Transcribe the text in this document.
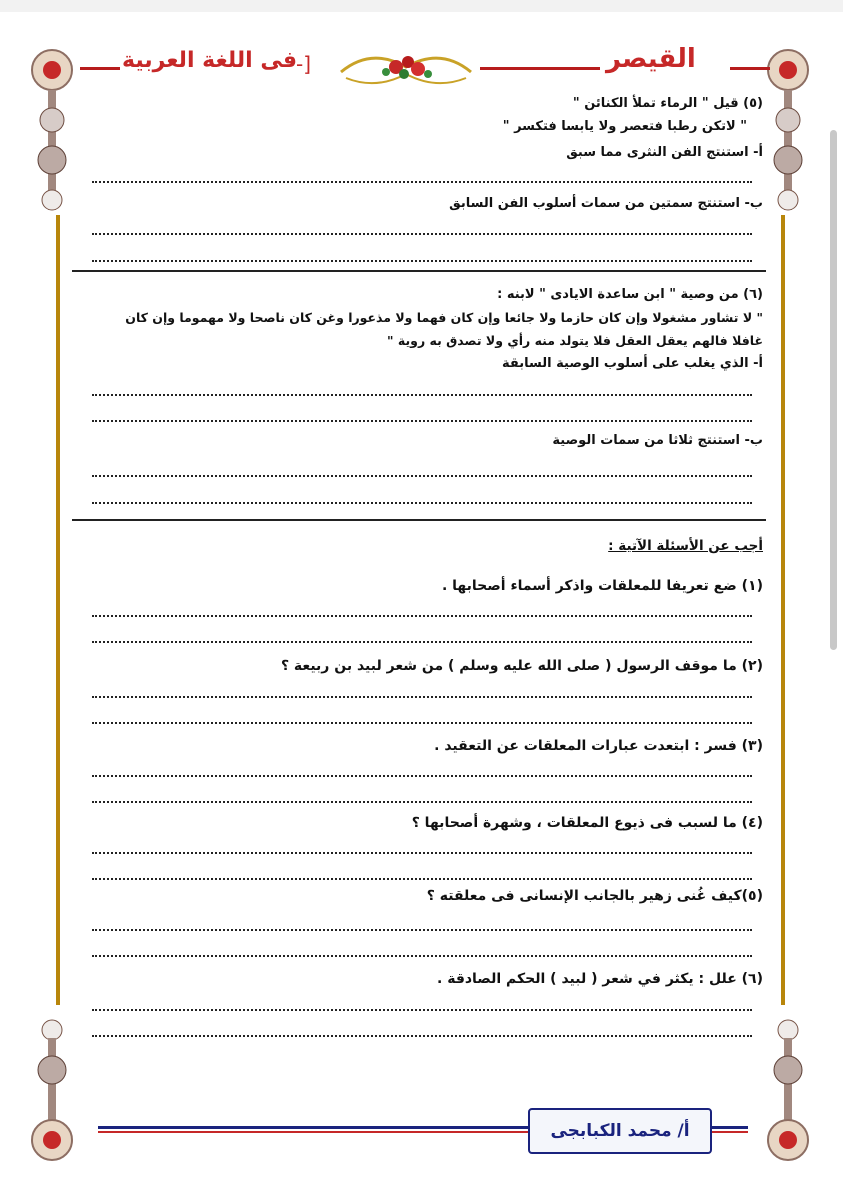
فى اللغة العربية
-]	القيصر
(٥) قيل " الرماء تملأ الكنائن "
" لاتكن رطبا فتعصر ولا يابسا فتكسر "
أ- استنتج الفن النثرى مما سبق
ب- استنتج سمتين من سمات أسلوب الفن السابق
(٦) من وصية " ابن ساعدة الايادى " لابنه :
" لا تشاور مشغولا وإن كان حازما ولا جائعا وإن كان فهما ولا مذعورا وغن كان ناصحا ولا مهموما وإن كان
غافلا فالهم يعقل العقل فلا يتولد منه رأي ولا تصدق به روية "
أ- الذي يغلب على أسلوب الوصية السابقة
ب- استنتج ثلاثا من سمات الوصية
أجب عن الأسئلة الآتية :
(١) ضع تعريفا للمعلقات واذكر أسماء أصحابها .
(٢) ما موقف الرسول ( صلى الله عليه وسلم ) من شعر لبيد بن ربيعة ؟
(٣) فسر : ابتعدت عبارات المعلقات عن التعقيد .
(٤) ما لسبب فى ذيوع المعلقات ، وشهرة أصحابها ؟
(٥)كيف غُنى زهير بالجانب الإنسانى فى معلقته ؟
(٦) علل : يكثر في شعر ( لبيد ) الحكم الصادقة .
أ/ محمد الكبابجى
